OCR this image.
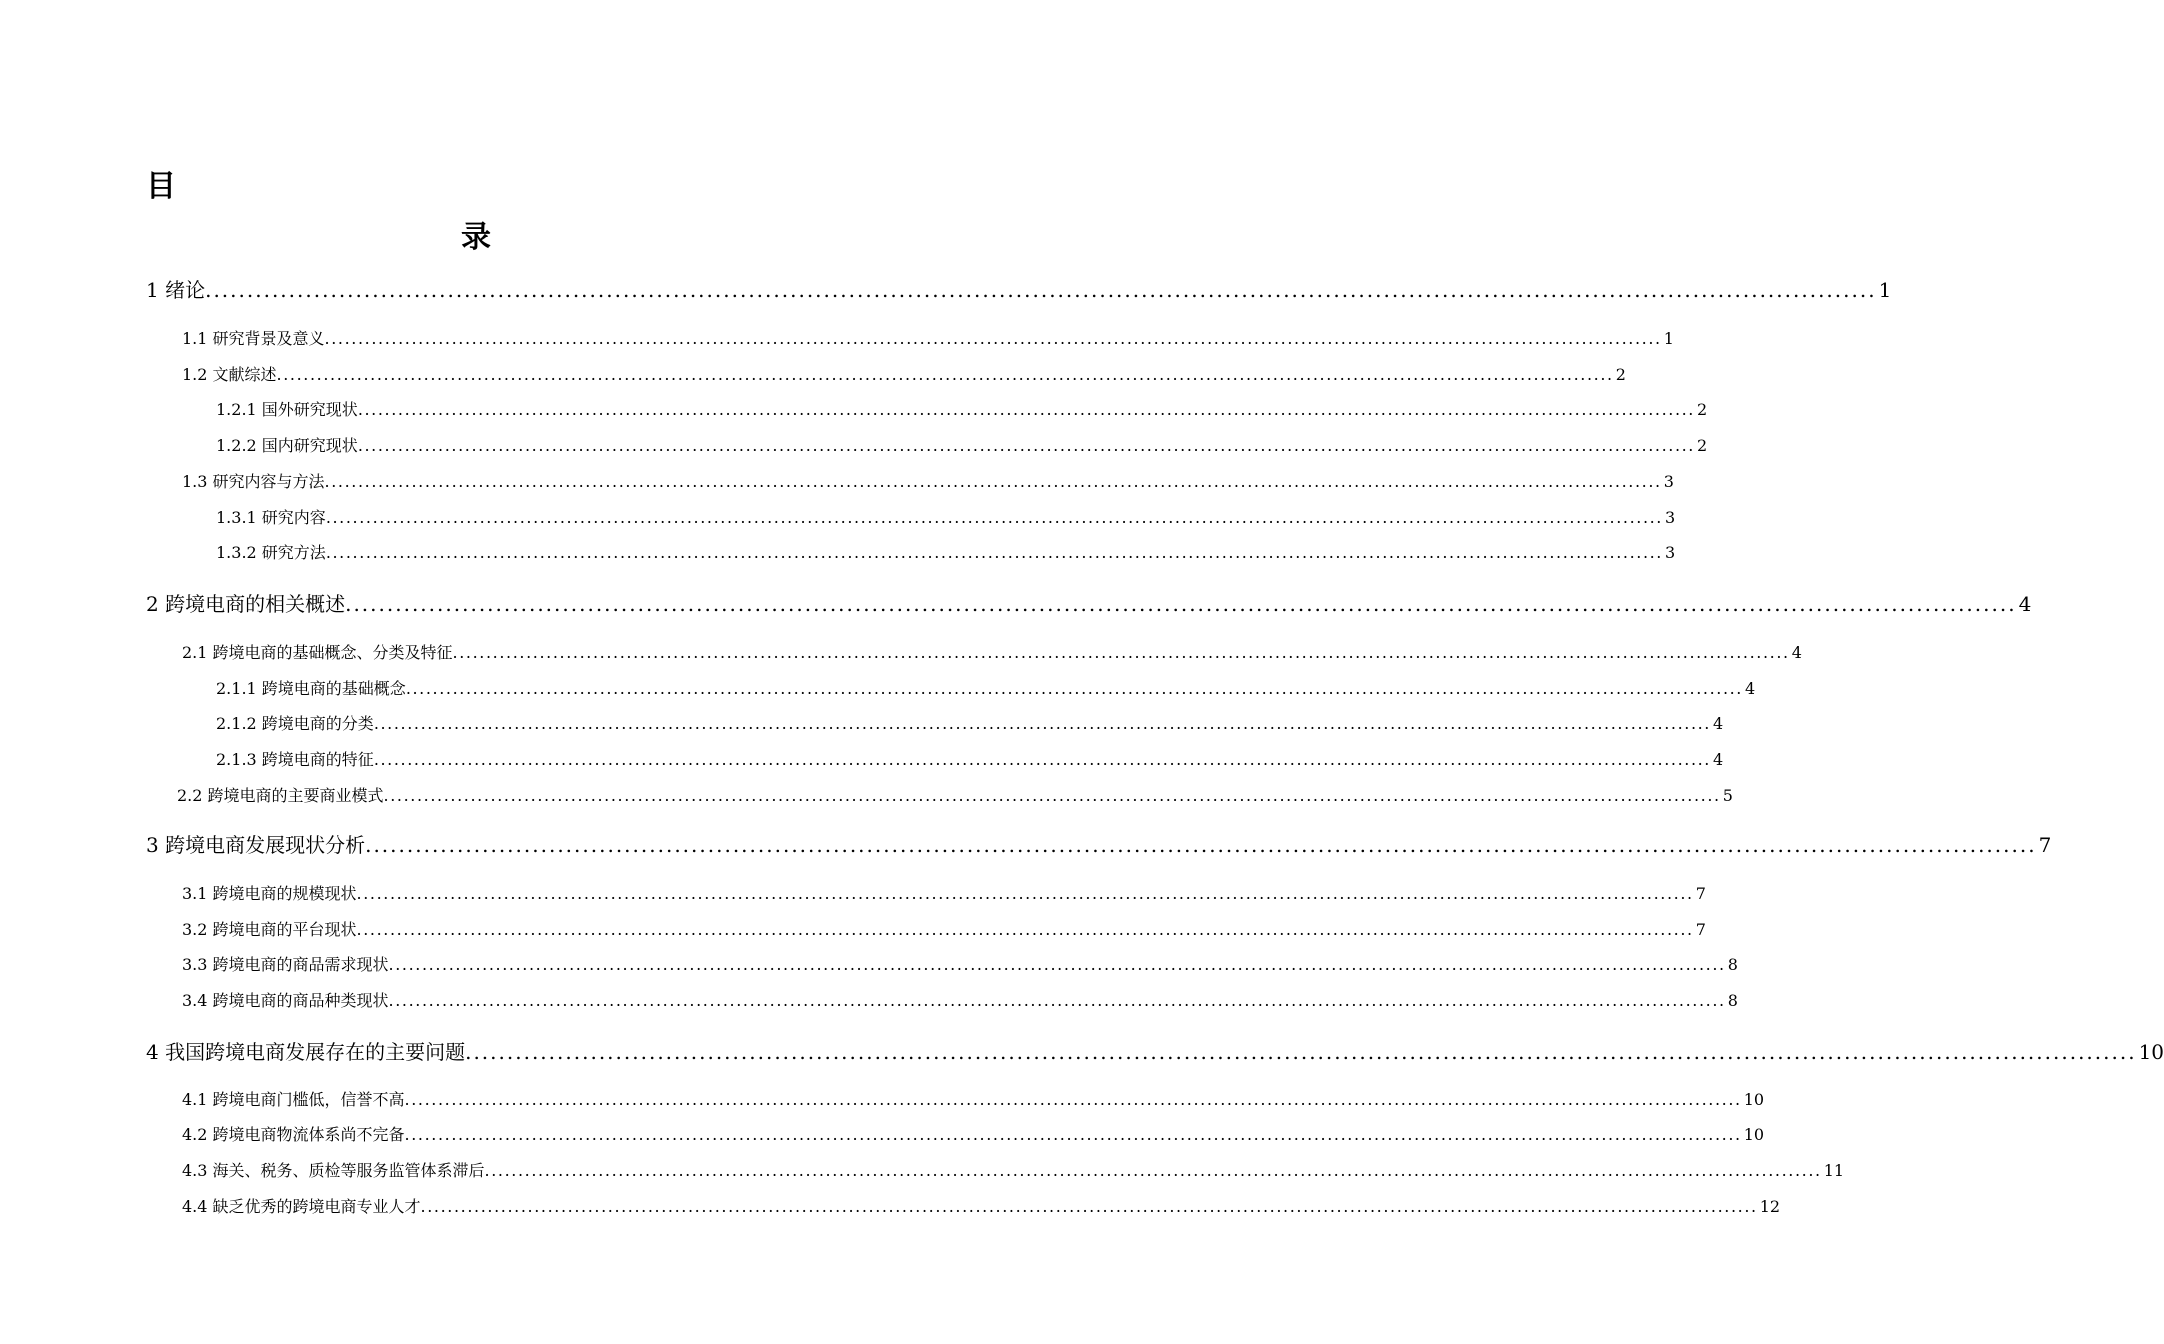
目
录
1 绪论 ........................................................................................................................................................................................................ 1
1.1 研究背景及意义 ........................................................................................................................................................................................................ 1
1.2 文献综述 ........................................................................................................................................................................................................ 2
1.2.1 国外研究现状 ........................................................................................................................................................................................................ 2
1.2.2 国内研究现状 ........................................................................................................................................................................................................ 2
1.3 研究内容与方法 ........................................................................................................................................................................................................ 3
1.3.1 研究内容 ........................................................................................................................................................................................................ 3
1.3.2 研究方法 ........................................................................................................................................................................................................ 3
2 跨境电商的相关概述 ........................................................................................................................................................................................................ 4
2.1 跨境电商的基础概念、分类及特征 ........................................................................................................................................................................................................ 4
2.1.1 跨境电商的基础概念 ........................................................................................................................................................................................................ 4
2.1.2 跨境电商的分类 ........................................................................................................................................................................................................ 4
2.1.3 跨境电商的特征 ........................................................................................................................................................................................................ 4
2.2 跨境电商的主要商业模式 ........................................................................................................................................................................................................ 5
3 跨境电商发展现状分析 ........................................................................................................................................................................................................ 7
3.1 跨境电商的规模现状 ........................................................................................................................................................................................................ 7
3.2 跨境电商的平台现状 ........................................................................................................................................................................................................ 7
3.3 跨境电商的商品需求现状 ........................................................................................................................................................................................................ 8
3.4 跨境电商的商品种类现状 ........................................................................................................................................................................................................ 8
4 我国跨境电商发展存在的主要问题 ........................................................................................................................................................................................................ 10
4.1 跨境电商门槛低，信誉不高 ........................................................................................................................................................................................................ 10
4.2 跨境电商物流体系尚不完备 ........................................................................................................................................................................................................ 10
4.3 海关、税务、质检等服务监管体系滞后 ........................................................................................................................................................................................................ 11
4.4 缺乏优秀的跨境电商专业人才 ........................................................................................................................................................................................................ 12
